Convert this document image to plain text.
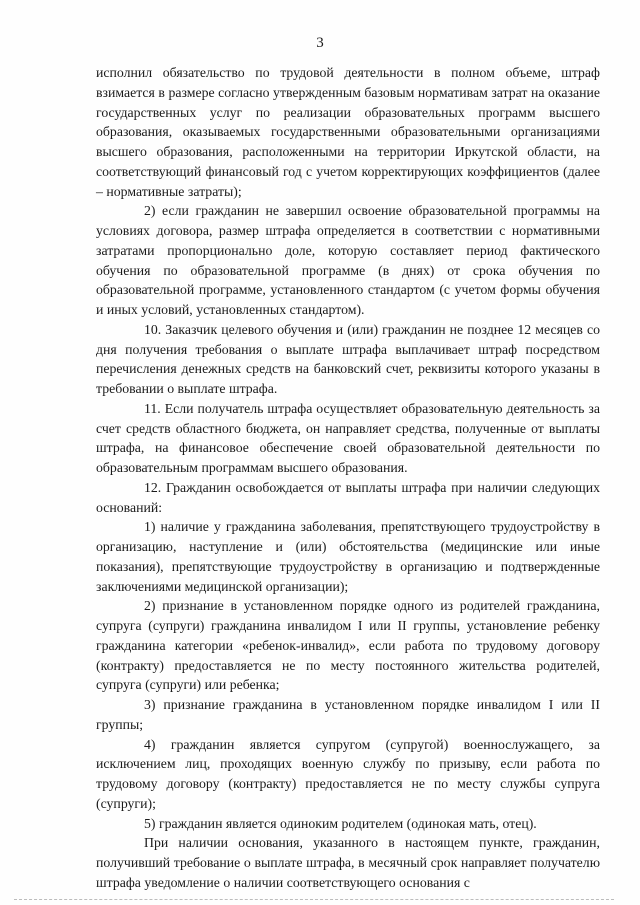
3

исполнил обязательство по трудовой деятельности в полном объеме, штраф взимается в размере согласно утвержденным базовым нормативам затрат на оказание государственных услуг по реализации образовательных программ высшего образования, оказываемых государственными образовательными организациями высшего образования, расположенными на территории Иркутской области, на соответствующий финансовый год с учетом корректирующих коэффициентов (далее – нормативные затраты);

2) если гражданин не завершил освоение образовательной программы на условиях договора, размер штрафа определяется в соответствии с нормативными затратами пропорционально доле, которую составляет период фактического обучения по образовательной программе (в днях) от срока обучения по образовательной программе, установленного стандартом (с учетом формы обучения и иных условий, установленных стандартом).

10. Заказчик целевого обучения и (или) гражданин не позднее 12 месяцев со дня получения требования о выплате штрафа выплачивает штраф посредством перечисления денежных средств на банковский счет, реквизиты которого указаны в требовании о выплате штрафа.

11. Если получатель штрафа осуществляет образовательную деятельность за счет средств областного бюджета, он направляет средства, полученные от выплаты штрафа, на финансовое обеспечение своей образовательной деятельности по образовательным программам высшего образования.

12. Гражданин освобождается от выплаты штрафа при наличии следующих оснований:

1) наличие у гражданина заболевания, препятствующего трудоустройству в организацию, наступление и (или) обстоятельства (медицинские или иные показания), препятствующие трудоустройству в организацию и подтвержденные заключениями медицинской организации);

2) признание в установленном порядке одного из родителей гражданина, супруга (супруги) гражданина инвалидом I или II группы, установление ребенку гражданина категории «ребенок-инвалид», если работа по трудовому договору (контракту) предоставляется не по месту постоянного жительства родителей, супруга (супруги) или ребенка;

3) признание гражданина в установленном порядке инвалидом I или II группы;

4) гражданин является супругом (супругой) военнослужащего, за исключением лиц, проходящих военную службу по призыву, если работа по трудовому договору (контракту) предоставляется не по месту службы супруга (супруги);

5) гражданин является одиноким родителем (одинокая мать, отец).

При наличии основания, указанного в настоящем пункте, гражданин, получивший требование о выплате штрафа, в месячный срок направляет получателю штрафа уведомление о наличии соответствующего основания с
